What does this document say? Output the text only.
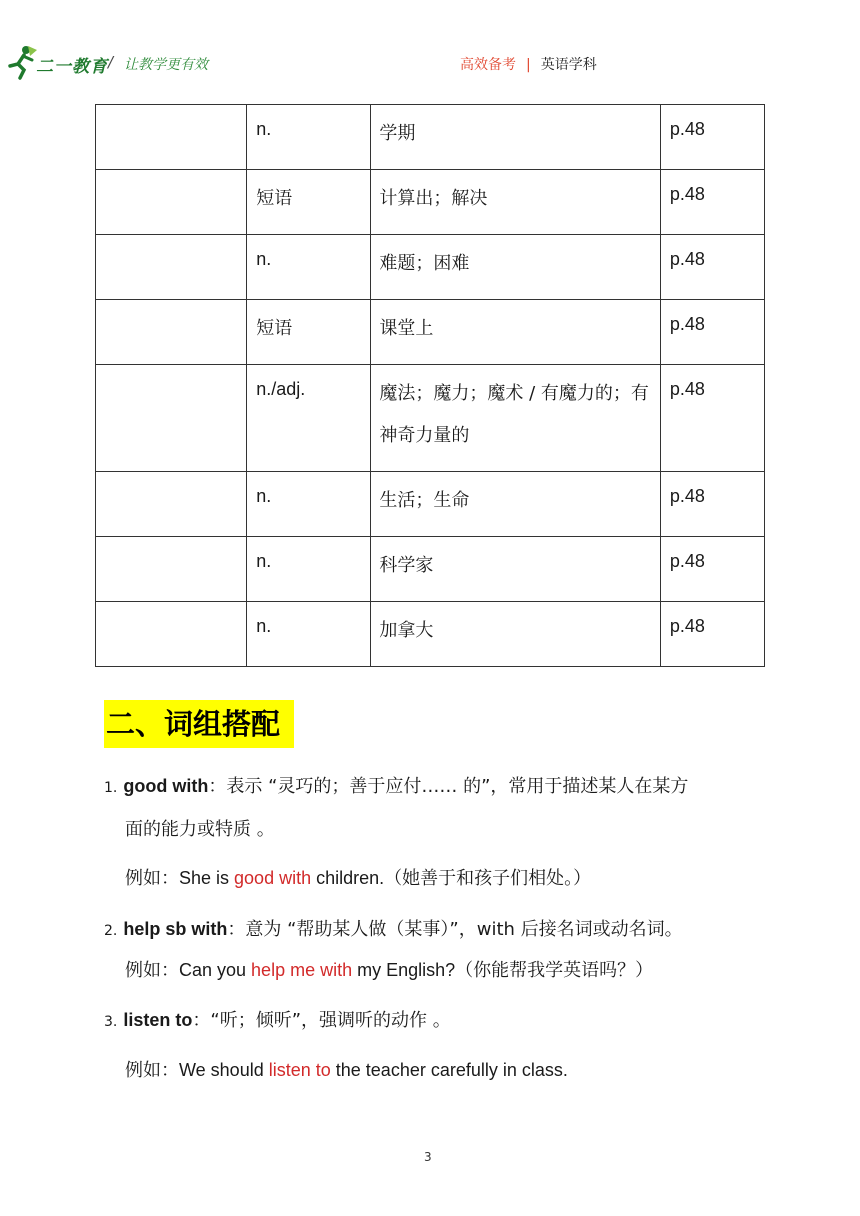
二一教育 / 让教学更有效	高效备考 | 英语学科

	n.	学期	p.48

	短语	计算出；解决	p.48

	n.	难题；困难	p.48

	短语	课堂上	p.48

	n./adj.	魔法；魔力；魔术 / 有魔力的；有神奇力量的	p.48

	n.	生活；生命	p.48

	n.	科学家	p.48

	n.	加拿大	p.48
二、词组搭配
1. good with：表示 “灵巧的；善于应付…… 的”，常用于描述某人在某方
面的能力或特质 。
例如：She is good with children.（她善于和孩子们相处。）
2. help sb with：意为 “帮助某人做（某事）”，with 后接名词或动名词。
例如：Can you help me with my English?（你能帮我学英语吗？）
3. listen to：“听；倾听”，强调听的动作 。
例如：We should listen to the teacher carefully in class.
3
